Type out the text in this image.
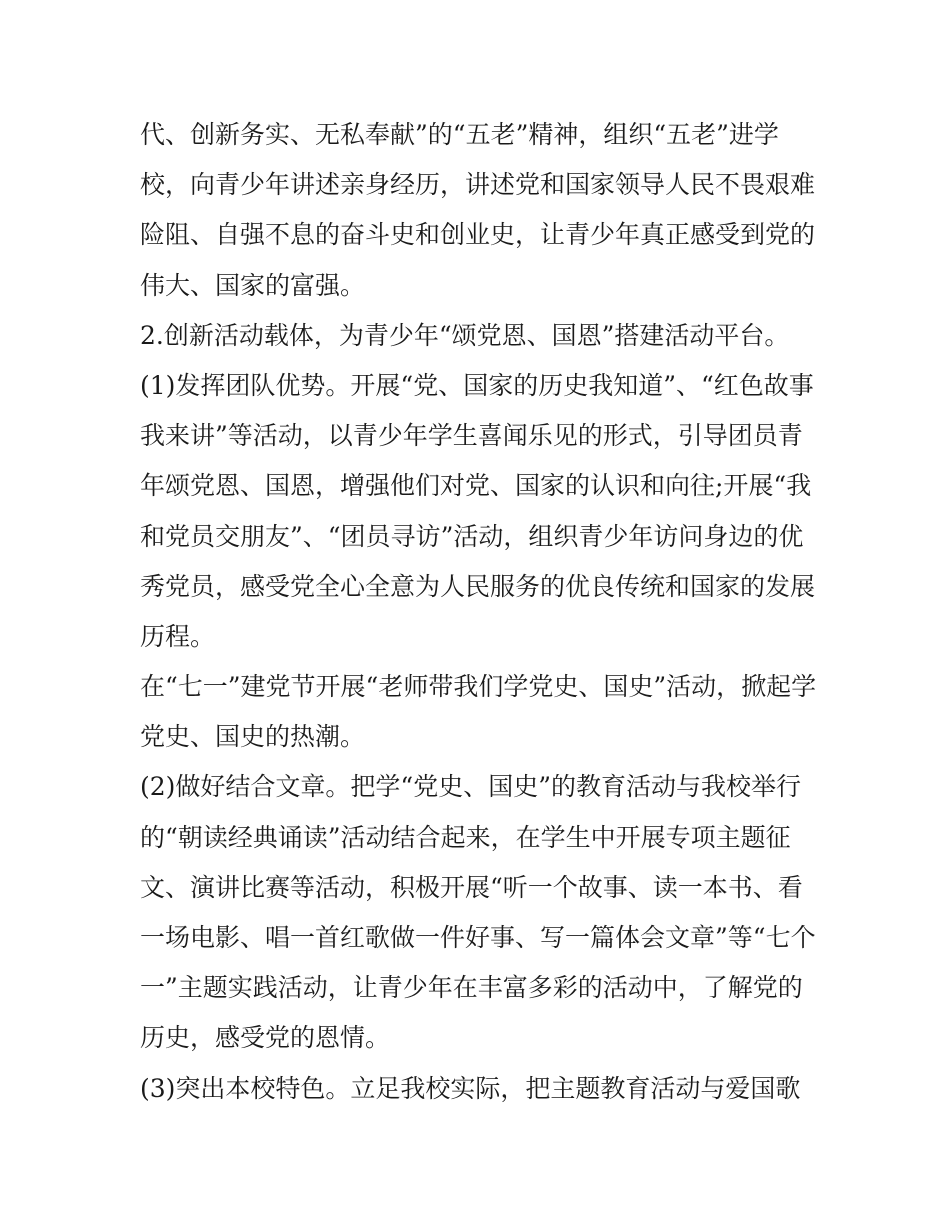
代、创新务实、无私奉献”的“五老”精神，组织“五老”进学
校，向青少年讲述亲身经历，讲述党和国家领导人民不畏艰难
险阻、自强不息的奋斗史和创业史，让青少年真正感受到党的
伟大、国家的富强。
2.创新活动载体，为青少年“颂党恩、国恩”搭建活动平台。
(1)发挥团队优势。开展“党、国家的历史我知道”、“红色故事
我来讲”等活动，以青少年学生喜闻乐见的形式，引导团员青
年颂党恩、国恩，增强他们对党、国家的认识和向往;开展“我
和党员交朋友”、“团员寻访”活动，组织青少年访问身边的优
秀党员，感受党全心全意为人民服务的优良传统和国家的发展
历程。
在“七一”建党节开展“老师带我们学党史、国史”活动，掀起学
党史、国史的热潮。
(2)做好结合文章。把学“党史、国史”的教育活动与我校举行
的“朝读经典诵读”活动结合起来，在学生中开展专项主题征
文、演讲比赛等活动，积极开展“听一个故事、读一本书、看
一场电影、唱一首红歌做一件好事、写一篇体会文章”等“七个
一”主题实践活动，让青少年在丰富多彩的活动中，了解党的
历史，感受党的恩情。
(3)突出本校特色。立足我校实际，把主题教育活动与爱国歌
